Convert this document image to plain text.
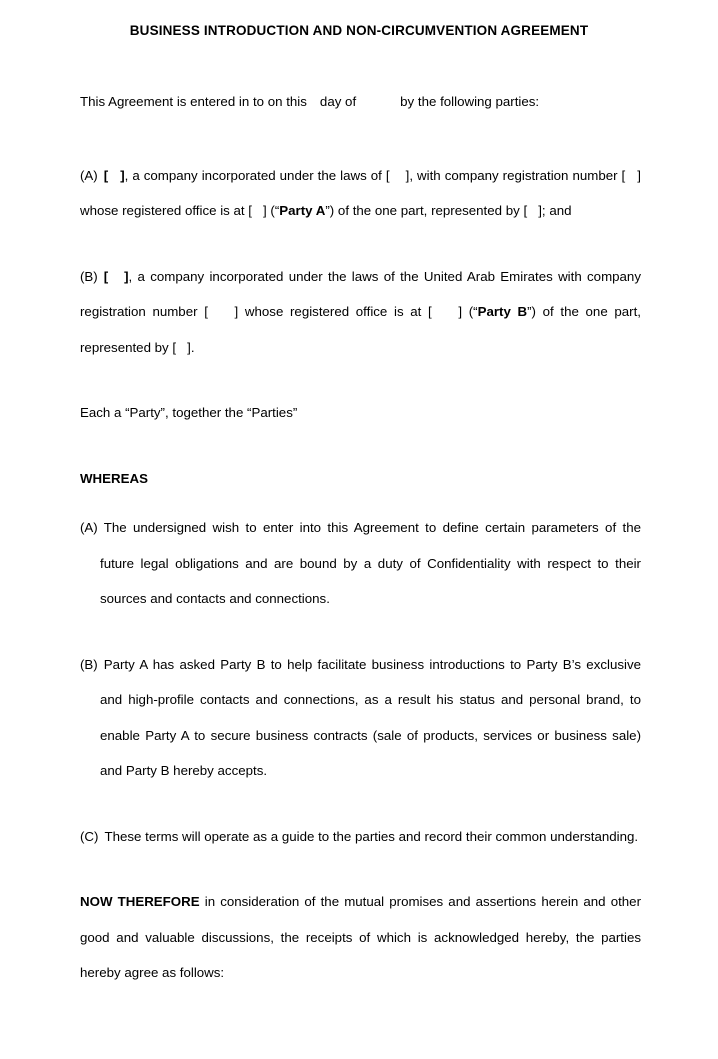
BUSINESS INTRODUCTION AND NON-CIRCUMVENTION AGREEMENT

This Agreement is entered in to on this day of	by the following parties:

(A) [   ], a company incorporated under the laws of [    ], with company registration number [   ] whose registered office is at [   ] (“Party A”) of the one part, represented by [   ]; and

(B) [   ], a company incorporated under the laws of the United Arab Emirates with company registration number [    ] whose registered office is at [    ] (“Party B”) of the one part, represented by [   ].

Each a “Party”, together the “Parties”

WHEREAS

(A) The undersigned wish to enter into this Agreement to define certain parameters of the future legal obligations and are bound by a duty of Confidentiality with respect to their sources and contacts and connections.

(B) Party A has asked Party B to help facilitate business introductions to Party B’s exclusive and high-profile contacts and connections, as a result his status and personal brand, to enable Party A to secure business contracts (sale of products, services or business sale) and Party B hereby accepts.

(C) These terms will operate as a guide to the parties and record their common understanding.

NOW THEREFORE in consideration of the mutual promises and assertions herein and other good and valuable discussions, the receipts of which is acknowledged hereby, the parties hereby agree as follows:
